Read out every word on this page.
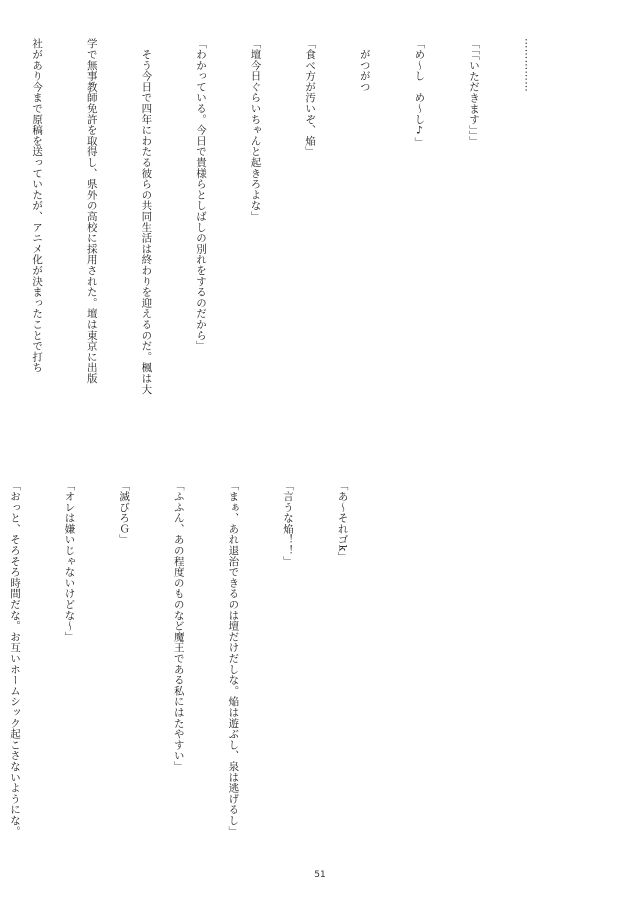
……………

「「「いただきます」」」

「め〜し　め〜し♪」

　がつがつ

「食べ方が汚いぞ、焔」

「壇今日ぐらいちゃんと起きろよな」

「わかっている。今日で貴様らとしばしの別れをするのだから」

　そう今日で四年にわたる彼らの共同生活は終わりを迎えるのだ。楓は大

学で無事教師免許を取得し、県外の高校に採用された。壇は東京に出版

社があり今まで原稿を送っていたが、アニメ化が決まったことで打ち

「あ〜それゴk」

「言うな焔！！」

「まぁ、あれ退治できるのは壇だけだしな。焔は遊ぶし、泉は逃げるし」

「ふふん、あの程度のものなど魔王である私にはたやすい」

「滅びろＧ」

「オレは嫌いじゃないけどな〜」

「おっと、そろそろ時間だな。お互いホームシック起こさないようにな。

51
